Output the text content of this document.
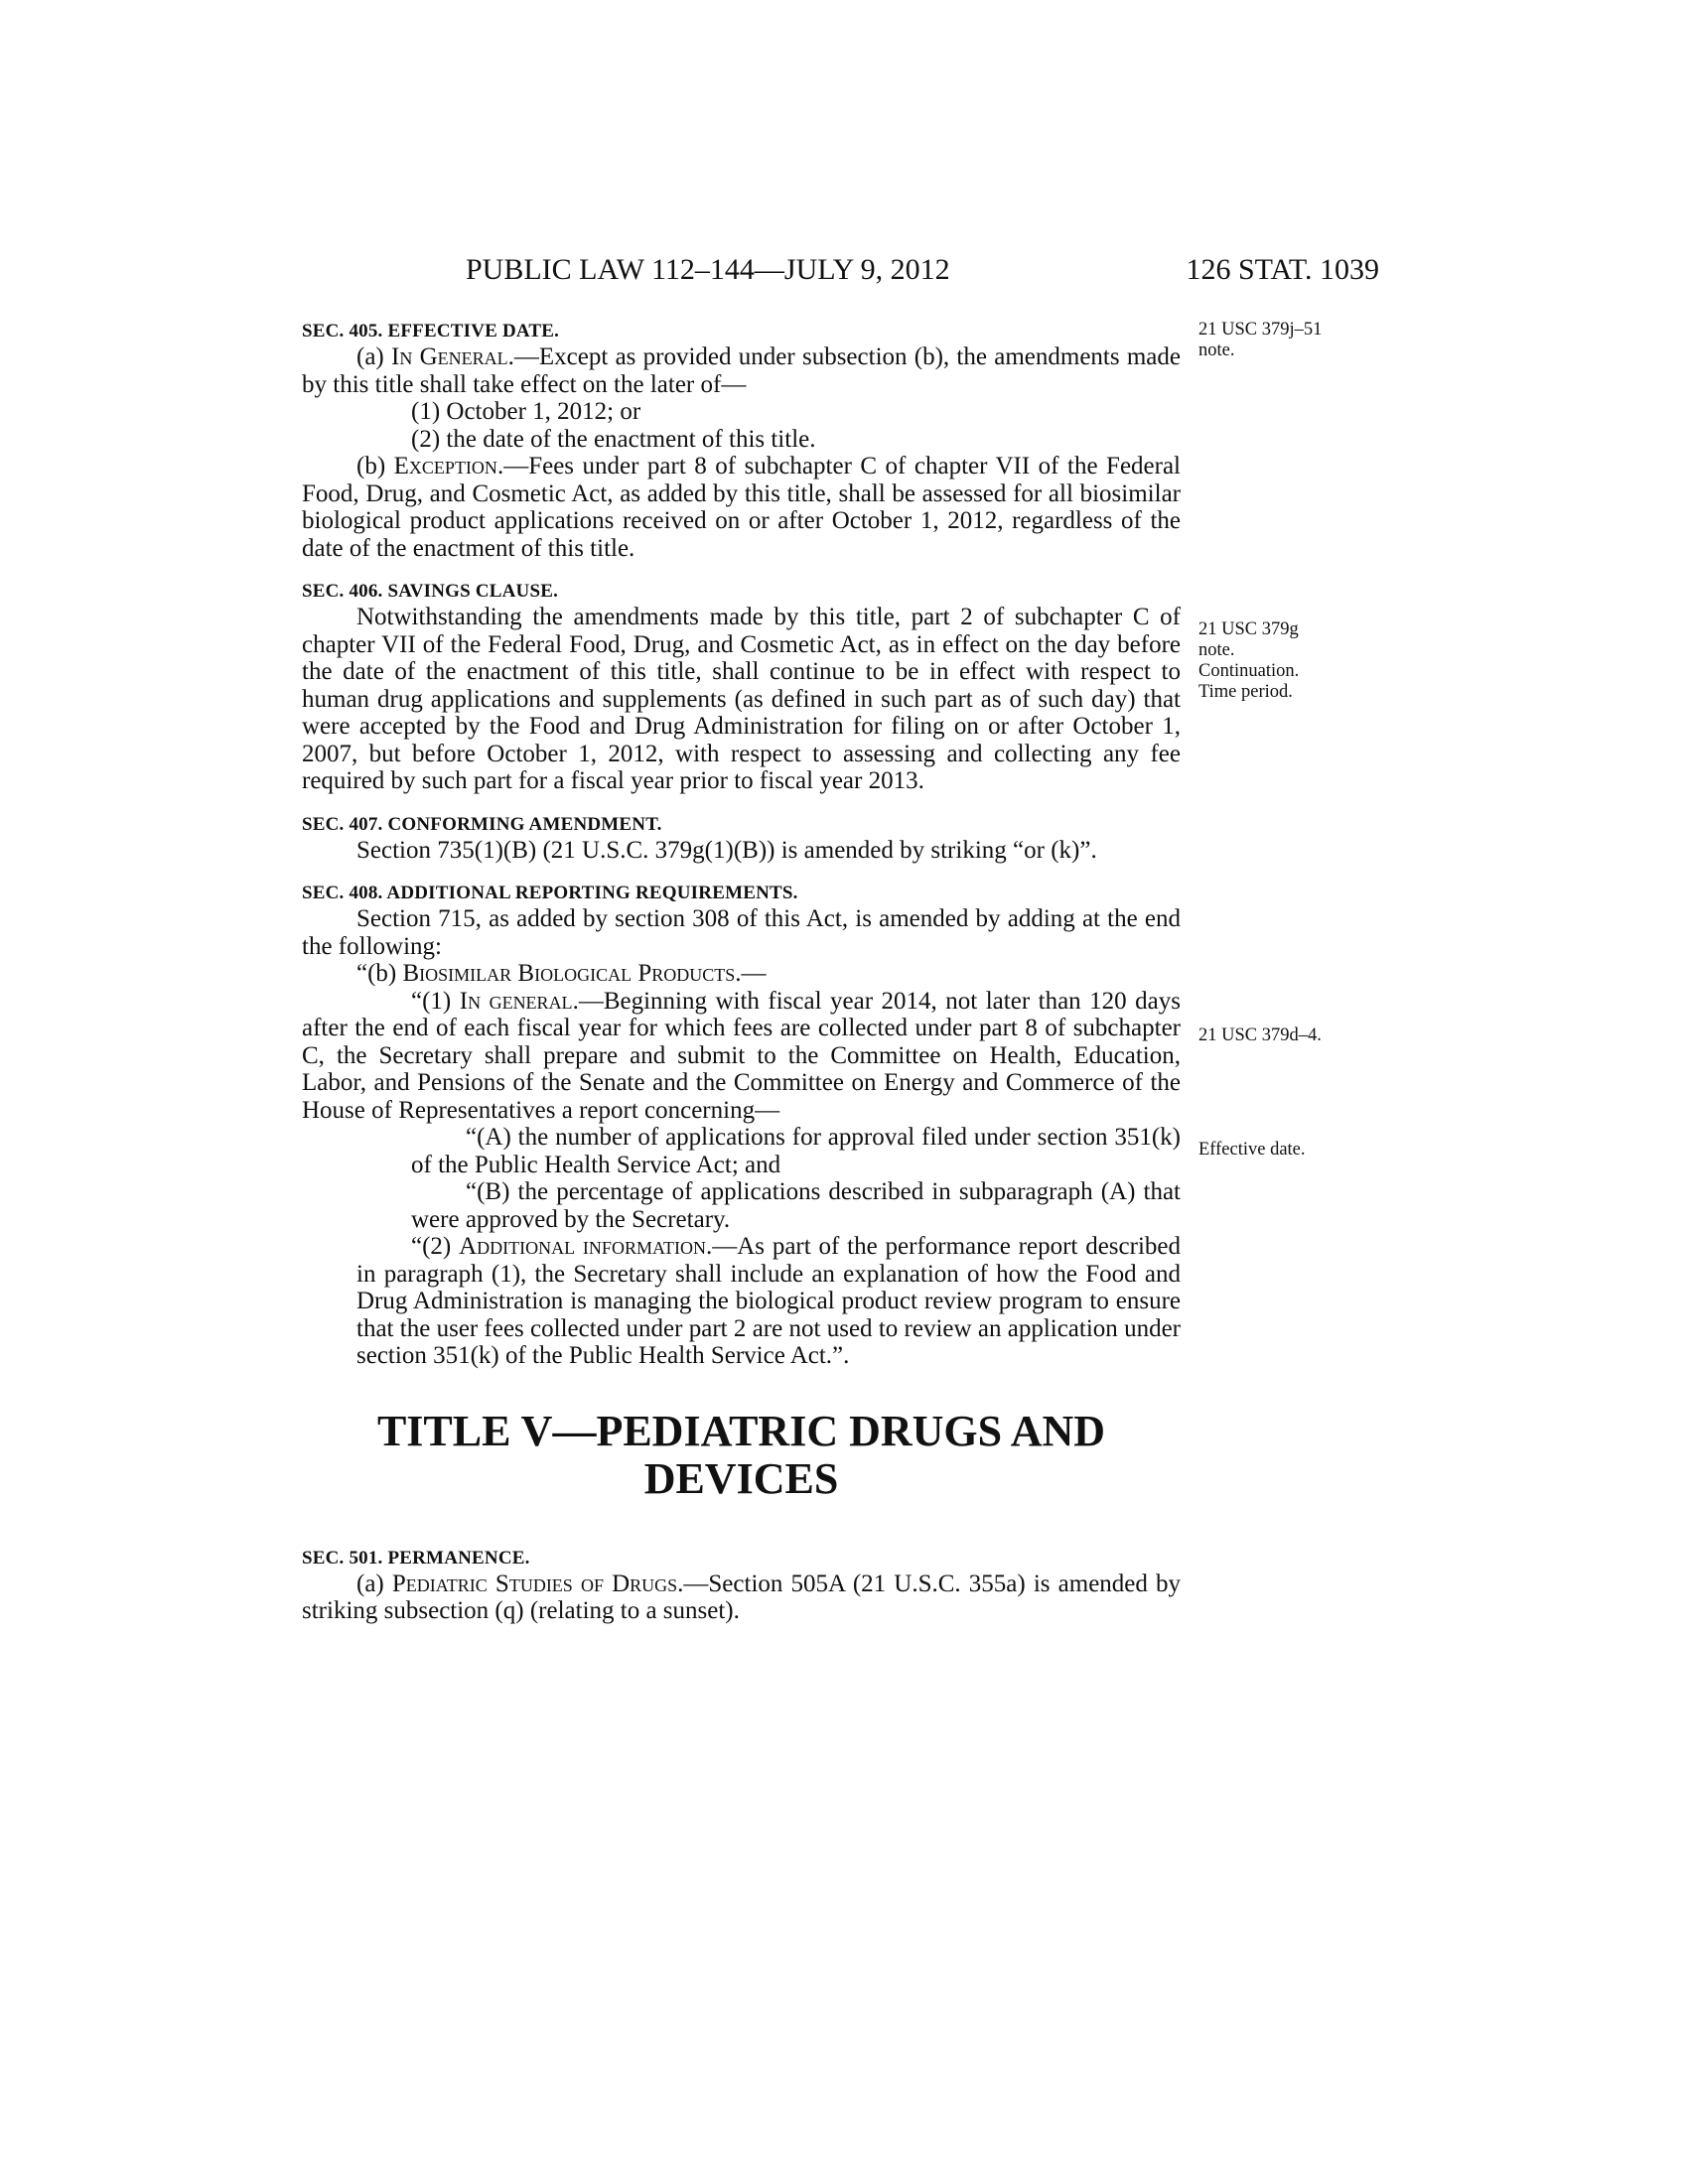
PUBLIC LAW 112–144—JULY 9, 2012	126 STAT. 1039
21 USC 379j–51
note.
21 USC 379g
note.
Continuation.
Time period.
21 USC 379d–4.
Effective date.
SEC. 405. EFFECTIVE DATE.

(a) In General.—Except as provided under subsection (b), the amendments made by this title shall take effect on the later of—

(1) October 1, 2012; or

(2) the date of the enactment of this title.

(b) Exception.—Fees under part 8 of subchapter C of chapter VII of the Federal Food, Drug, and Cosmetic Act, as added by this title, shall be assessed for all biosimilar biological product applications received on or after October 1, 2012, regardless of the date of the enactment of this title.

SEC. 406. SAVINGS CLAUSE.

Notwithstanding the amendments made by this title, part 2 of subchapter C of chapter VII of the Federal Food, Drug, and Cosmetic Act, as in effect on the day before the date of the enactment of this title, shall continue to be in effect with respect to human drug applications and supplements (as defined in such part as of such day) that were accepted by the Food and Drug Administration for filing on or after October 1, 2007, but before October 1, 2012, with respect to assessing and collecting any fee required by such part for a fiscal year prior to fiscal year 2013.

SEC. 407. CONFORMING AMENDMENT.

Section 735(1)(B) (21 U.S.C. 379g(1)(B)) is amended by striking “or (k)”.

SEC. 408. ADDITIONAL REPORTING REQUIREMENTS.

Section 715, as added by section 308 of this Act, is amended by adding at the end the following:

“(b) Biosimilar Biological Products.—

“(1) In general.—Beginning with fiscal year 2014, not later than 120 days after the end of each fiscal year for which fees are collected under part 8 of subchapter C, the Secretary shall prepare and submit to the Committee on Health, Education, Labor, and Pensions of the Senate and the Committee on Energy and Commerce of the House of Representatives a report concerning—

“(A) the number of applications for approval filed under section 351(k) of the Public Health Service Act; and

“(B) the percentage of applications described in subparagraph (A) that were approved by the Secretary.

“(2) Additional information.—As part of the performance report described in paragraph (1), the Secretary shall include an explanation of how the Food and Drug Administration is managing the biological product review program to ensure that the user fees collected under part 2 are not used to review an application under section 351(k) of the Public Health Service Act.”.

TITLE V—PEDIATRIC DRUGS AND
DEVICES
SEC. 501. PERMANENCE.

(a) Pediatric Studies of Drugs.—Section 505A (21 U.S.C. 355a) is amended by striking subsection (q) (relating to a sunset).
